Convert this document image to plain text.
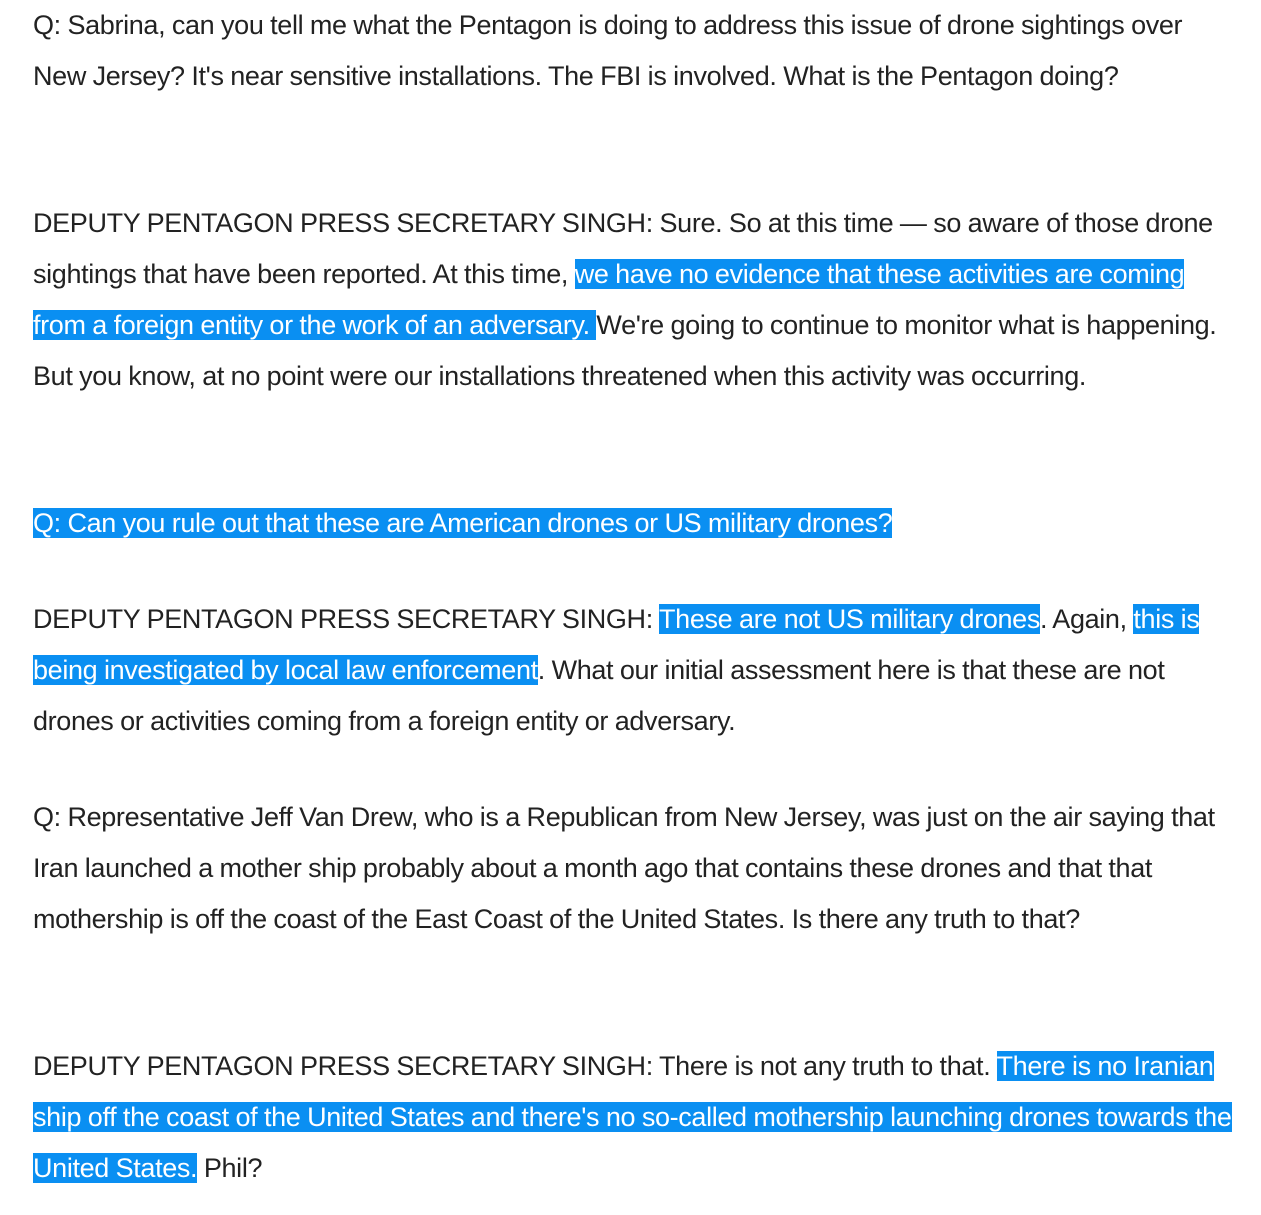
Q: Sabrina, can you tell me what the Pentagon is doing to address this issue of drone sightings over New Jersey? It's near sensitive installations. The FBI is involved. What is the Pentagon doing?

DEPUTY PENTAGON PRESS SECRETARY SINGH: Sure. So at this time — so aware of those drone sightings that have been reported. At this time, we have no evidence that these activities are coming from a foreign entity or the work of an adversary. We're going to continue to monitor what is happening. But you know, at no point were our installations threatened when this activity was occurring.

Q: Can you rule out that these are American drones or US military drones?

DEPUTY PENTAGON PRESS SECRETARY SINGH: These are not US military drones. Again, this is being investigated by local law enforcement. What our initial assessment here is that these are not drones or activities coming from a foreign entity or adversary.

Q: Representative Jeff Van Drew, who is a Republican from New Jersey, was just on the air saying that Iran launched a mother ship probably about a month ago that contains these drones and that that mothership is off the coast of the East Coast of the United States. Is there any truth to that?

DEPUTY PENTAGON PRESS SECRETARY SINGH: There is not any truth to that. There is no Iranian ship off the coast of the United States and there's no so-called mothership launching drones towards the United States. Phil?
